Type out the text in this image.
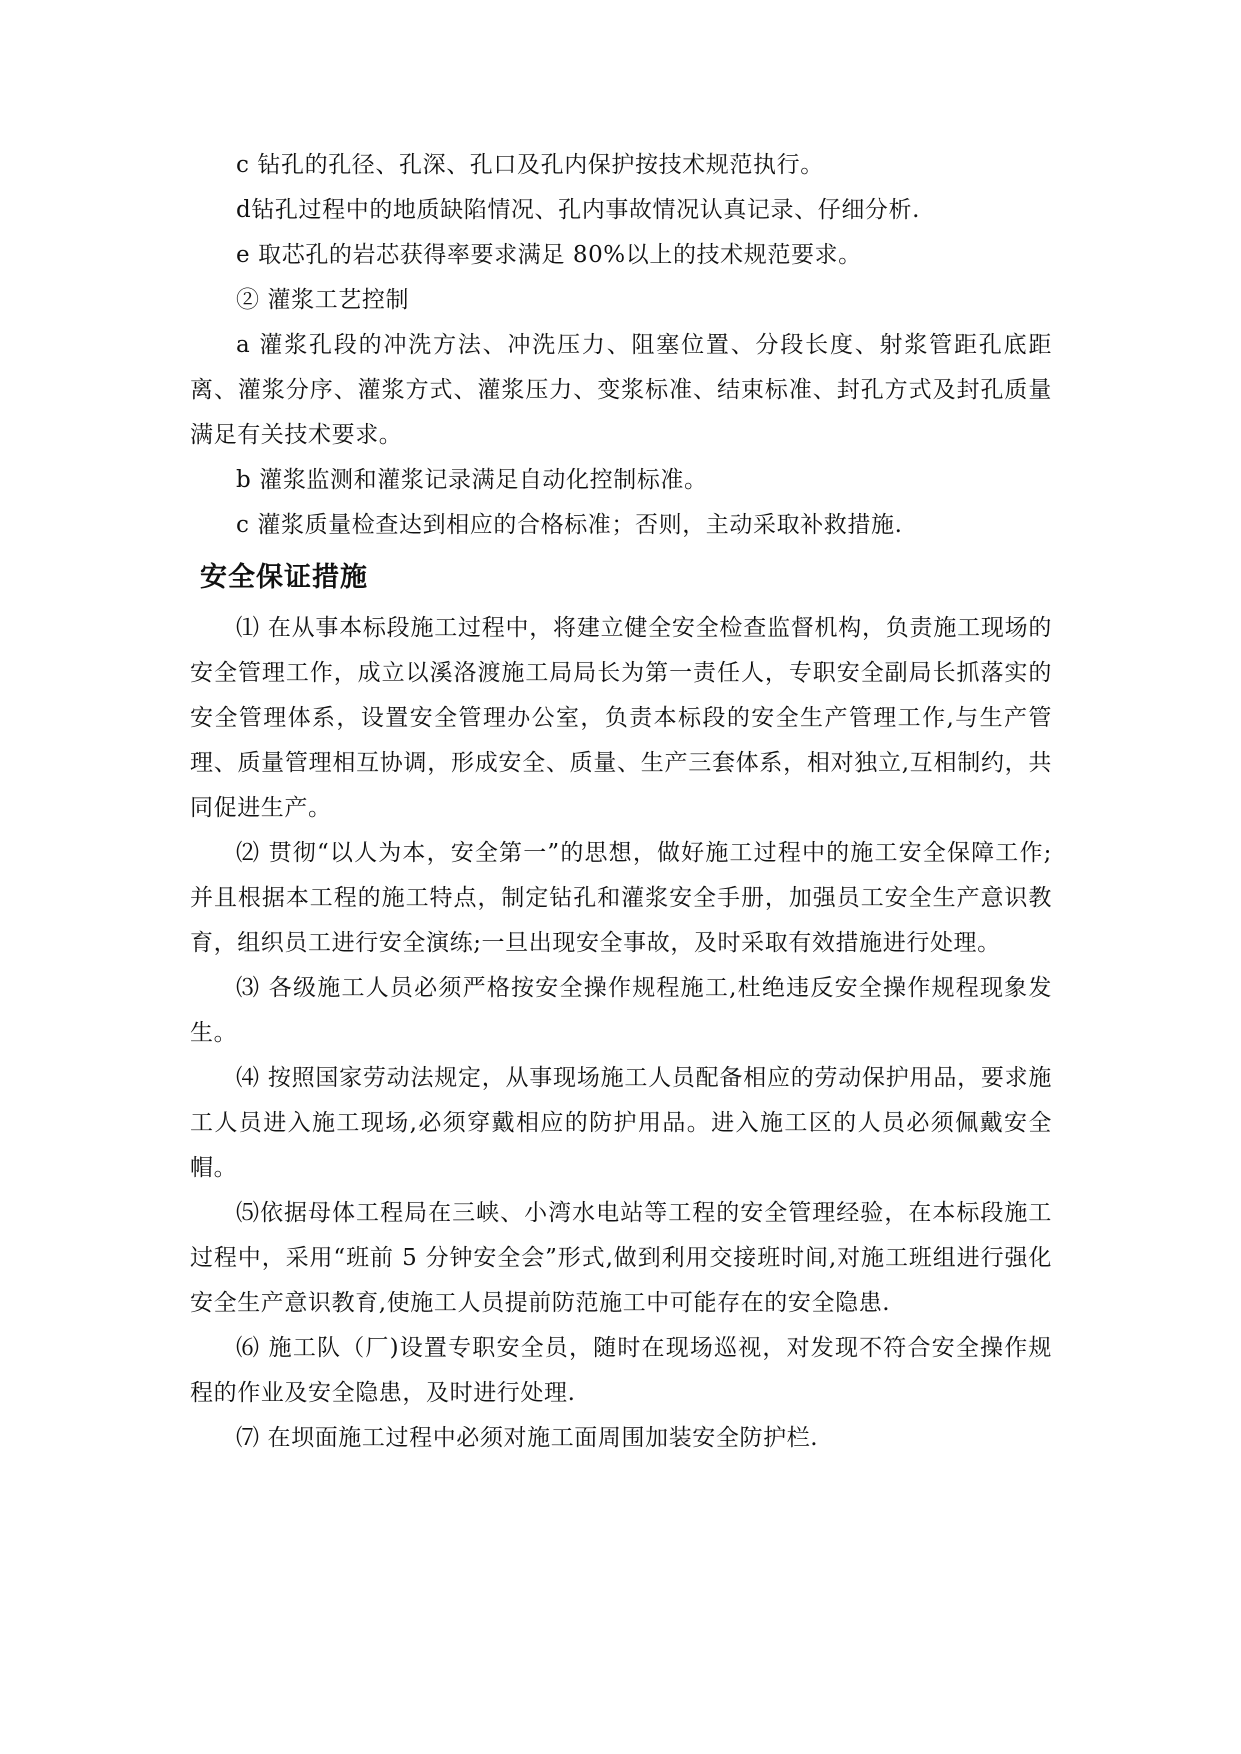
c 钻孔的孔径、孔深、孔口及孔内保护按技术规范执行。

d钻孔过程中的地质缺陷情况、孔内事故情况认真记录、仔细分析.

e 取芯孔的岩芯获得率要求满足 80%以上的技术规范要求。

② 灌浆工艺控制

a 灌浆孔段的冲洗方法、冲洗压力、阻塞位置、分段长度、射浆管距孔底距离、灌浆分序、灌浆方式、灌浆压力、变浆标准、结束标准、封孔方式及封孔质量满足有关技术要求。

b 灌浆监测和灌浆记录满足自动化控制标准。

c 灌浆质量检查达到相应的合格标准；否则，主动采取补救措施.

安全保证措施

⑴ 在从事本标段施工过程中，将建立健全安全检查监督机构，负责施工现场的安全管理工作，成立以溪洛渡施工局局长为第一责任人，专职安全副局长抓落实的安全管理体系，设置安全管理办公室，负责本标段的安全生产管理工作,与生产管理、质量管理相互协调，形成安全、质量、生产三套体系，相对独立,互相制约，共同促进生产。

⑵ 贯彻“以人为本，安全第一”的思想，做好施工过程中的施工安全保障工作;并且根据本工程的施工特点，制定钻孔和灌浆安全手册，加强员工安全生产意识教育，组织员工进行安全演练;一旦出现安全事故，及时采取有效措施进行处理。

⑶ 各级施工人员必须严格按安全操作规程施工,杜绝违反安全操作规程现象发生。

⑷ 按照国家劳动法规定，从事现场施工人员配备相应的劳动保护用品，要求施工人员进入施工现场,必须穿戴相应的防护用品。进入施工区的人员必须佩戴安全帽。

⑸依据母体工程局在三峡、小湾水电站等工程的安全管理经验，在本标段施工过程中，采用“班前 5 分钟安全会”形式,做到利用交接班时间,对施工班组进行强化安全生产意识教育,使施工人员提前防范施工中可能存在的安全隐患.

⑹ 施工队（厂)设置专职安全员，随时在现场巡视，对发现不符合安全操作规程的作业及安全隐患，及时进行处理.

⑺ 在坝面施工过程中必须对施工面周围加装安全防护栏.
